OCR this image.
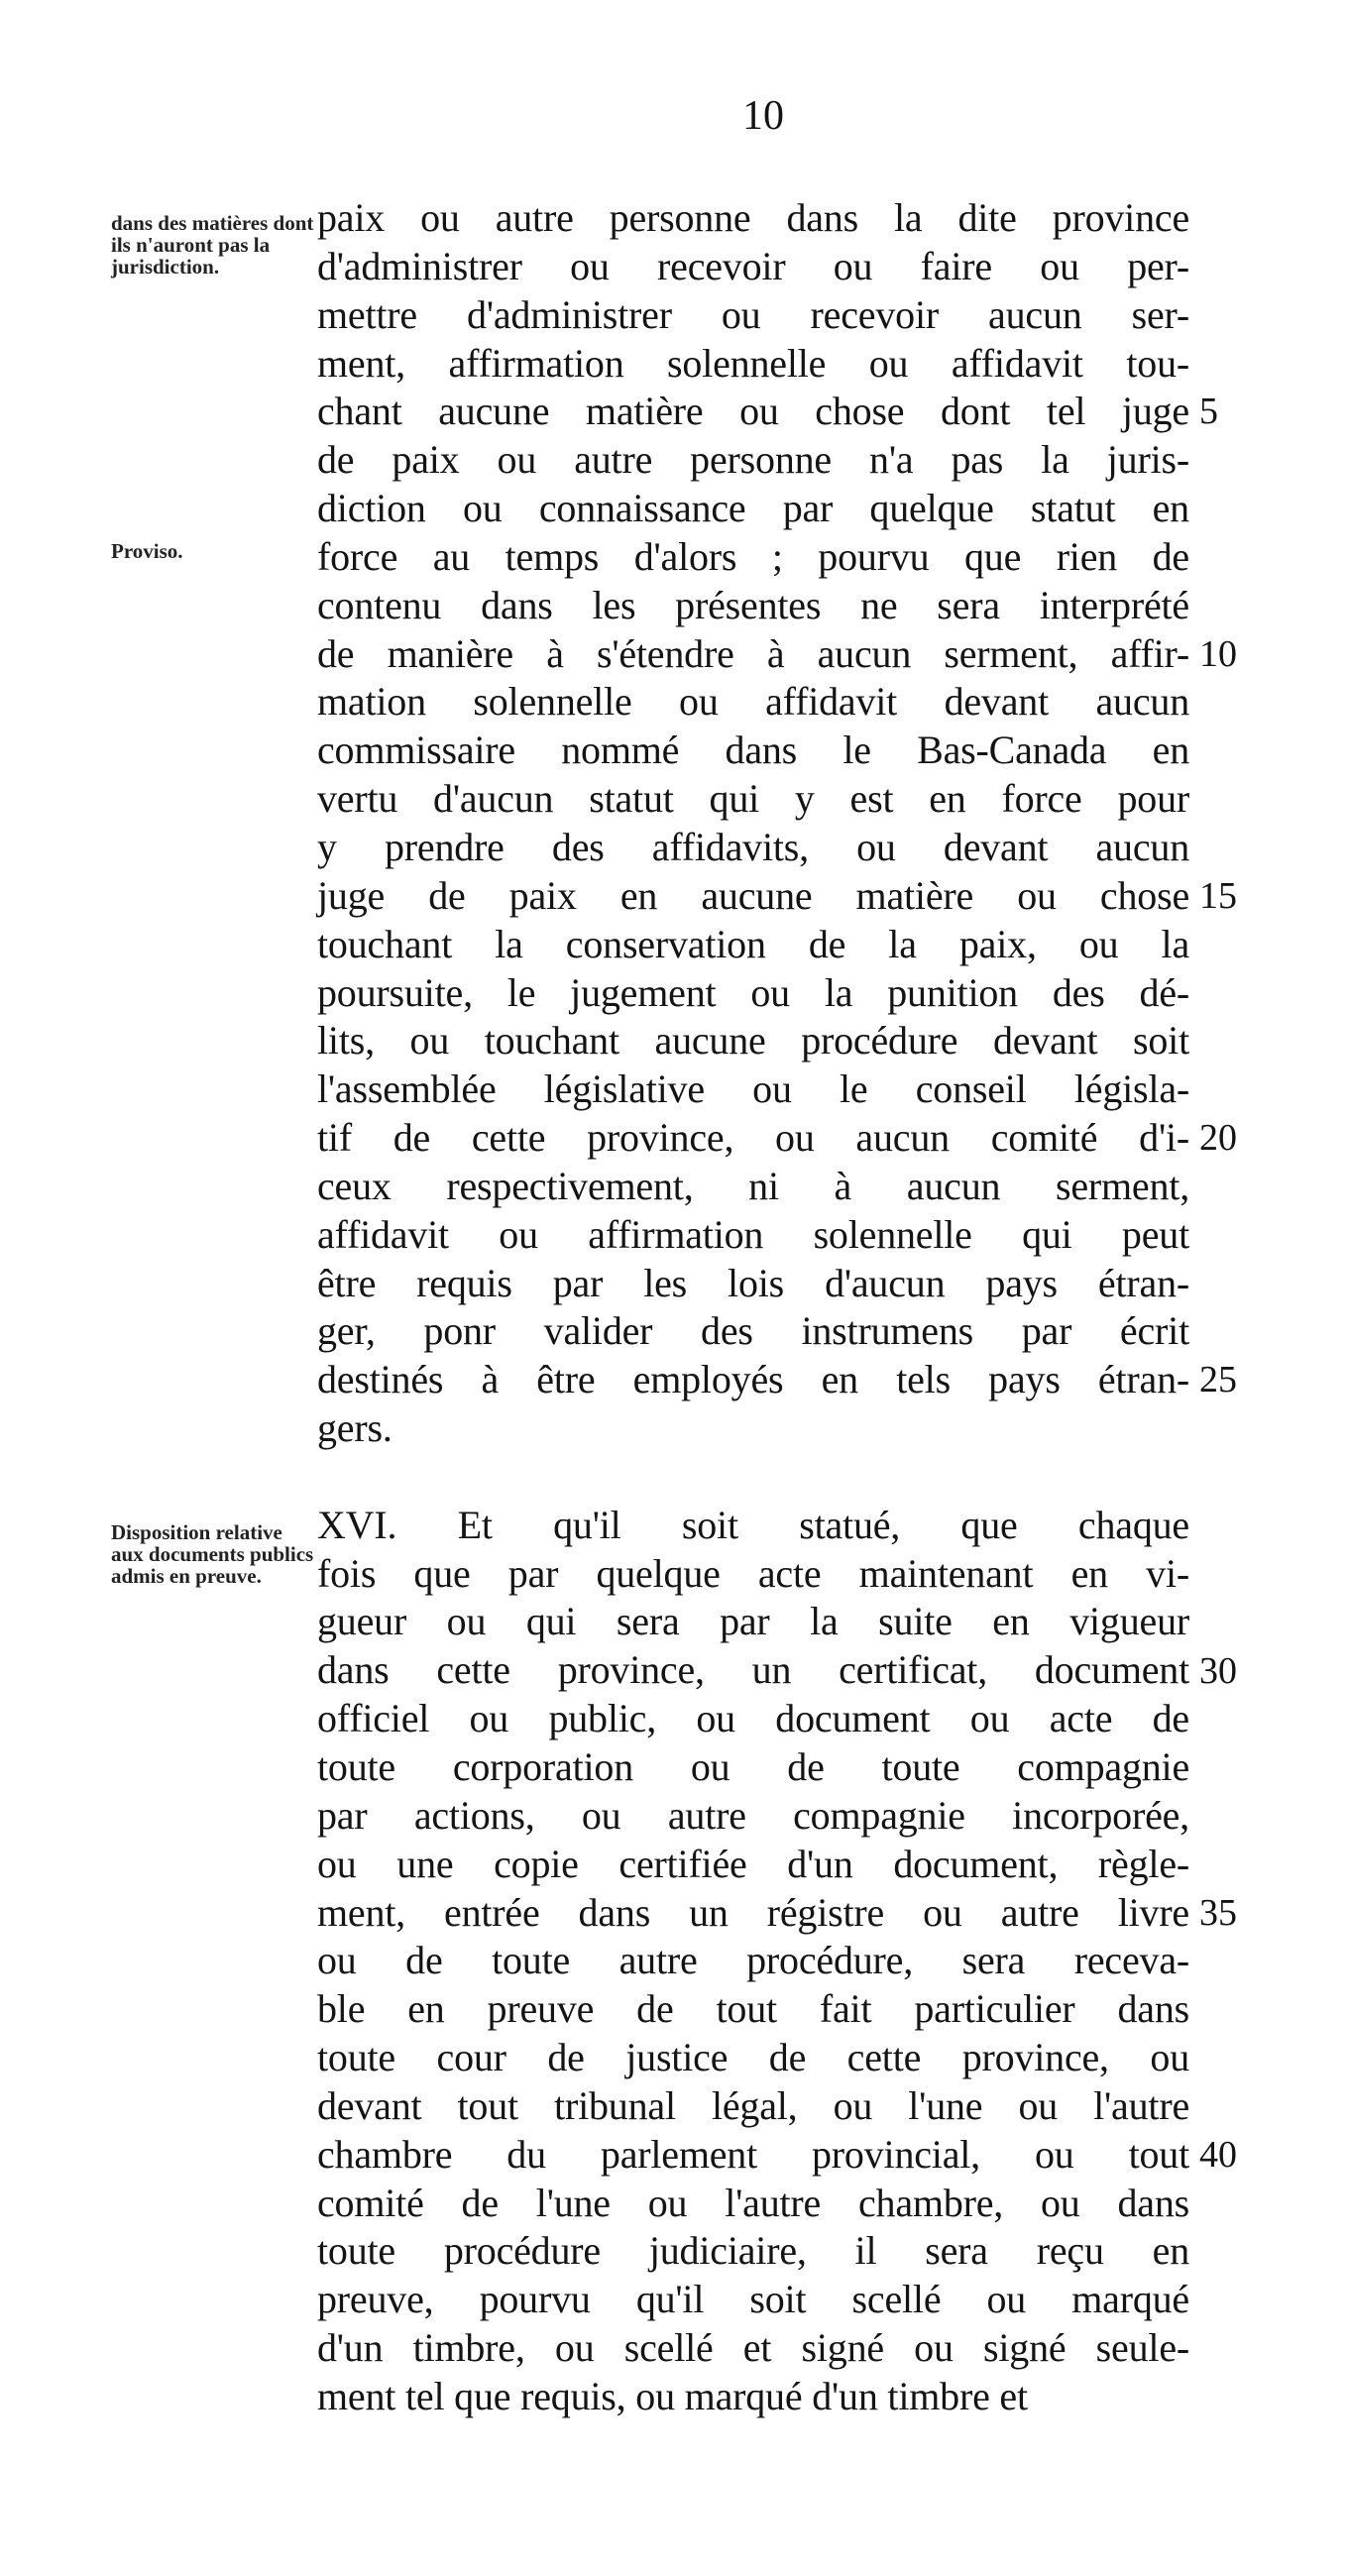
10
dans des matières dont ils n'auront pas la jurisdiction.
Proviso.
Disposition relative aux documents publics admis en preuve.
paix ou autre personne dans la dite province
d'administrer ou recevoir ou faire ou per-
mettre d'administrer ou recevoir aucun ser-
ment, affirmation solennelle ou affidavit tou-
chant aucune matière ou chose dont tel juge
de paix ou autre personne n'a pas la juris-
diction ou connaissance par quelque statut en
force au temps d'alors ; pourvu que rien de
contenu dans les présentes ne sera interprété
de manière à s'étendre à aucun serment, affir-
mation solennelle ou affidavit devant aucun
commissaire nommé dans le Bas-Canada en
vertu d'aucun statut qui y est en force pour
y prendre des affidavits, ou devant aucun
juge de paix en aucune matière ou chose
touchant la conservation de la paix, ou la
poursuite, le jugement ou la punition des dé-
lits, ou touchant aucune procédure devant soit
l'assemblée législative ou le conseil législa-
tif de cette province, ou aucun comité d'i-
ceux respectivement, ni à aucun serment,
affidavit ou affirmation solennelle qui peut
être requis par les lois d'aucun pays étran-
ger, ponr valider des instrumens par écrit
destinés à être employés en tels pays étran-
gers.
XVI. Et qu'il soit statué, que chaque
fois que par quelque acte maintenant en vi-
gueur ou qui sera par la suite en vigueur
dans cette province, un certificat, document
officiel ou public, ou document ou acte de
toute corporation ou de toute compagnie
par actions, ou autre compagnie incorporée,
ou une copie certifiée d'un document, règle-
ment, entrée dans un régistre ou autre livre
ou de toute autre procédure, sera receva-
ble en preuve de tout fait particulier dans
toute cour de justice de cette province, ou
devant tout tribunal légal, ou l'une ou l'autre
chambre du parlement provincial, ou tout
comité de l'une ou l'autre chambre, ou dans
toute procédure judiciaire, il sera reçu en
preuve, pourvu qu'il soit scellé ou marqué
d'un timbre, ou scellé et signé ou signé seule-
ment tel que requis, ou marqué d'un timbre et
5
10
15
20
25
30
35
40
